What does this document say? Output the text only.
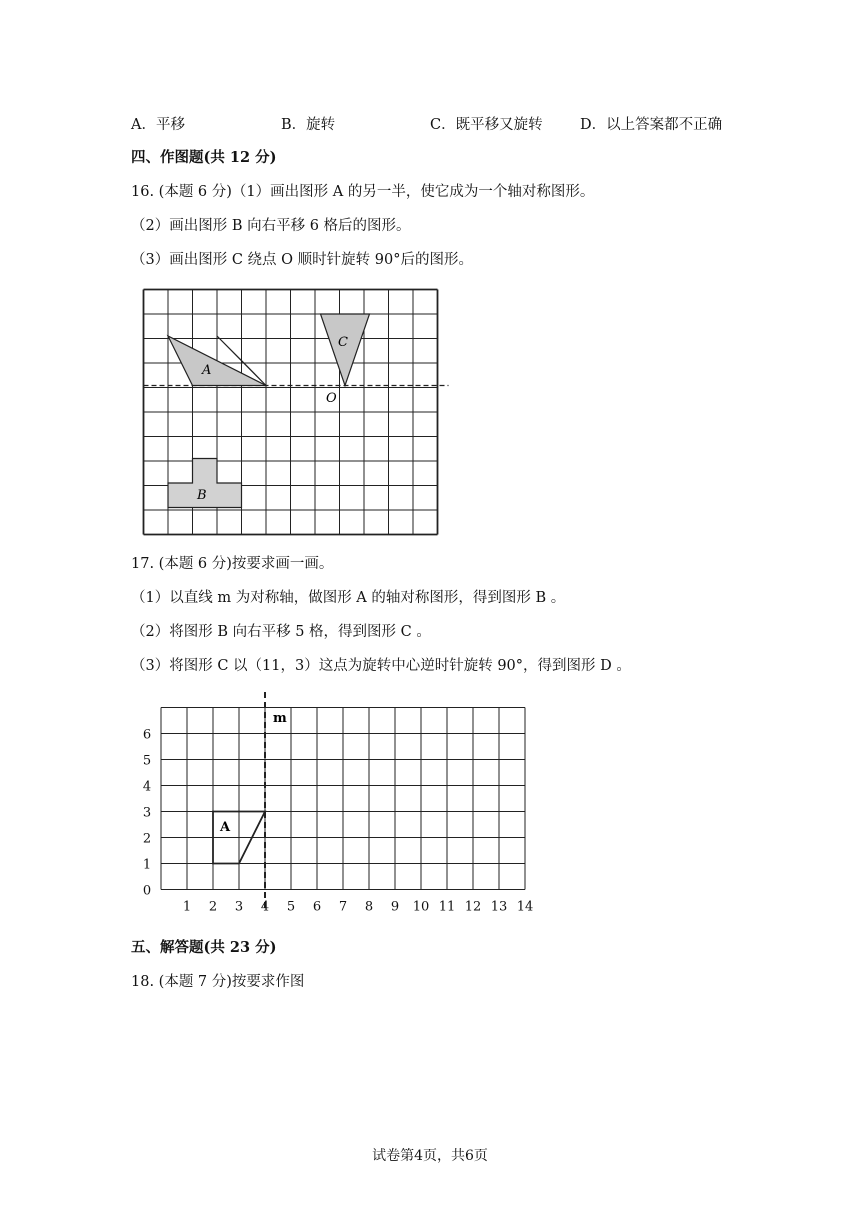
A．平移	B．旋转	C．既平移又旋转	D．以上答案都不正确
四、作图题(共 12 分)
16. (本题 6 分)（1）画出图形 A 的另一半，使它成为一个轴对称图形。
（2）画出图形 B 向右平移 6 格后的图形。
（3）画出图形 C 绕点 O 顺时针旋转 90°后的图形。
A
C
O
B
17. (本题 6 分)按要求画一画。
（1）以直线 m 为对称轴，做图形 A 的轴对称图形，得到图形 B 。
（2）将图形 B 向右平移 5 格，得到图形 C 。
（3）将图形 C 以（11，3）这点为旋转中心逆时针旋转 90°，得到图形 D 。
m
A
1 2 3 4 5 6 7 8 9 10 11 12 13 14
0
1
2
3
4
5
6
五、解答题(共 23 分)
18. (本题 7 分)按要求作图
试卷第4页，共6页
